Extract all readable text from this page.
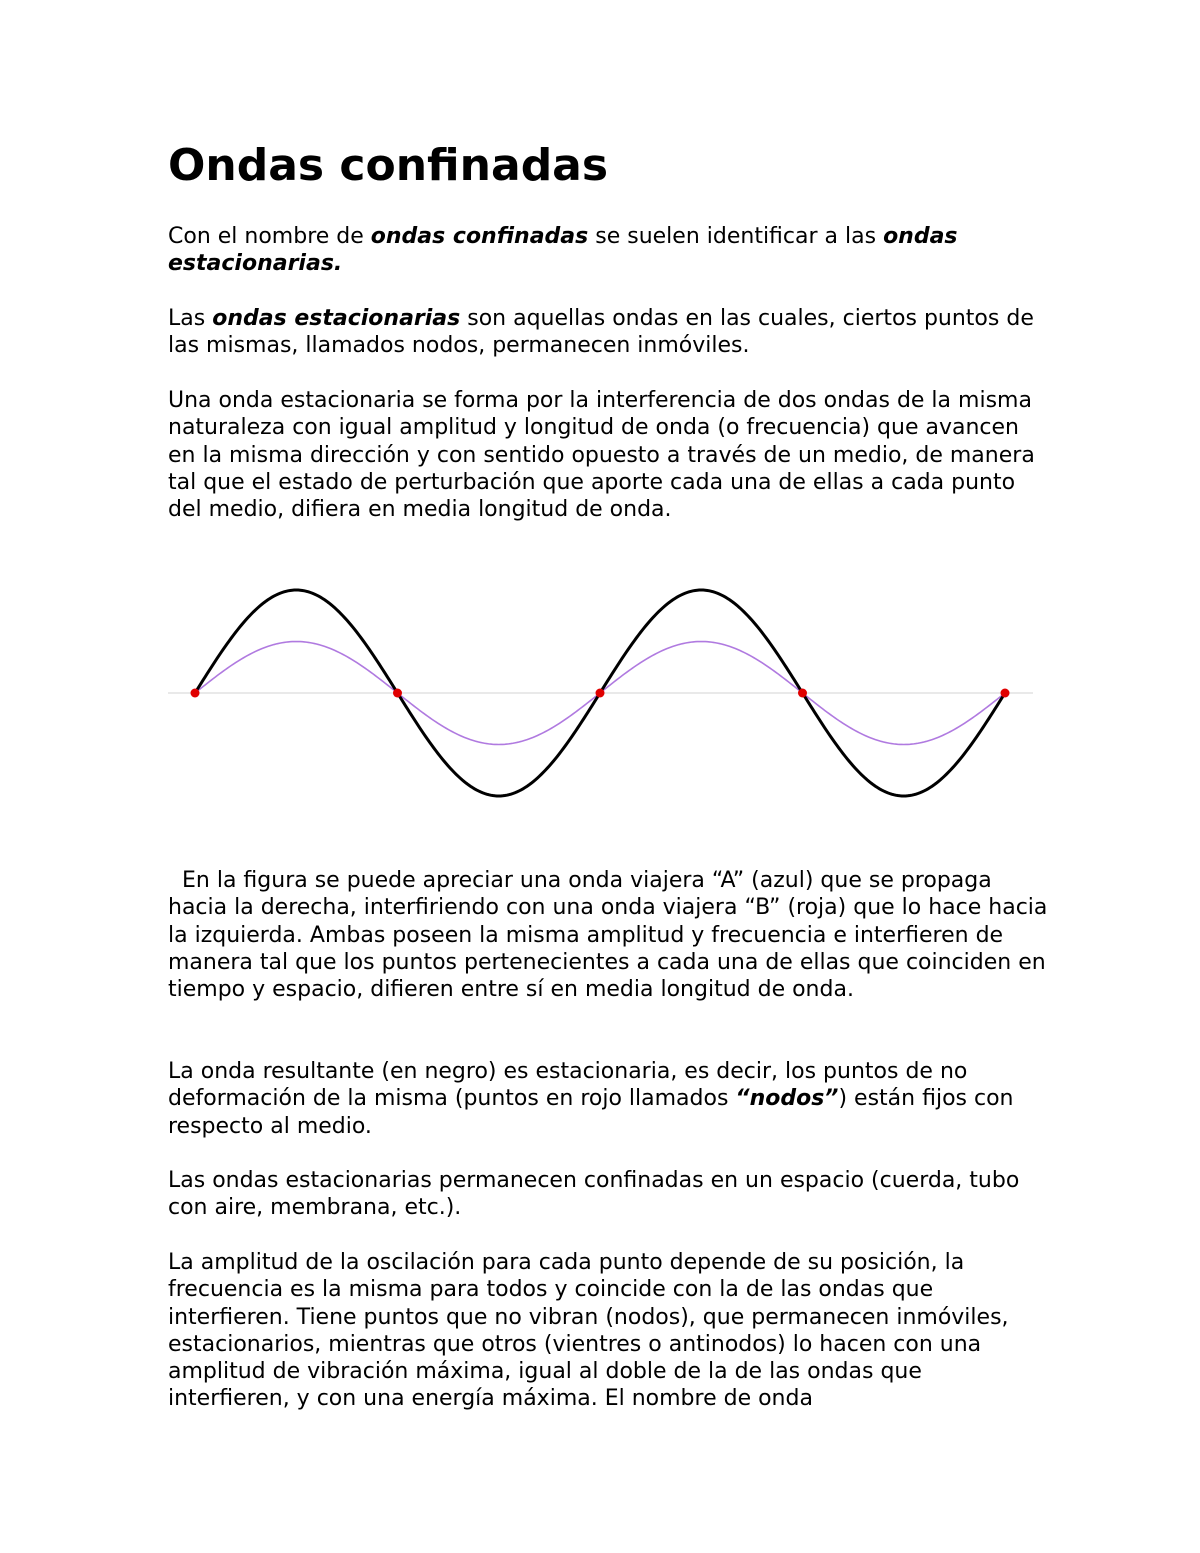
Ondas confinadas

Con el nombre de ondas confinadas se suelen identificar a las ondas estacionarias.

Las ondas estacionarias son aquellas ondas en las cuales, ciertos puntos de las mismas, llamados nodos, permanecen inmóviles.

Una onda estacionaria se forma por la interferencia de dos ondas de la misma naturaleza con igual amplitud y longitud de onda (o frecuencia) que avancen en la misma dirección y con sentido opuesto a través de un medio, de manera tal que el estado de perturbación que aporte cada una de ellas a cada punto del medio, difiera en media longitud de onda.

En la figura se puede apreciar una onda viajera “A” (azul) que se propaga hacia la derecha, interfiriendo con una onda viajera “B” (roja) que lo hace hacia la izquierda. Ambas poseen la misma amplitud y frecuencia e interfieren de manera tal que los puntos pertenecientes a cada una de ellas que coinciden en tiempo y espacio, difieren entre sí en media longitud de onda.

La onda resultante (en negro) es estacionaria, es decir, los puntos de no deformación de la misma (puntos en rojo llamados “nodos”) están fijos con respecto al medio.

Las ondas estacionarias permanecen confinadas en un espacio (cuerda, tubo con aire, membrana, etc.).

La amplitud de la oscilación para cada punto depende de su posición, la frecuencia es la misma para todos y coincide con la de las ondas que interfieren. Tiene puntos que no vibran (nodos), que permanecen inmóviles, estacionarios, mientras que otros (vientres o antinodos) lo hacen con una amplitud de vibración máxima, igual al doble de la de las ondas que interfieren, y con una energía máxima. El nombre de onda
